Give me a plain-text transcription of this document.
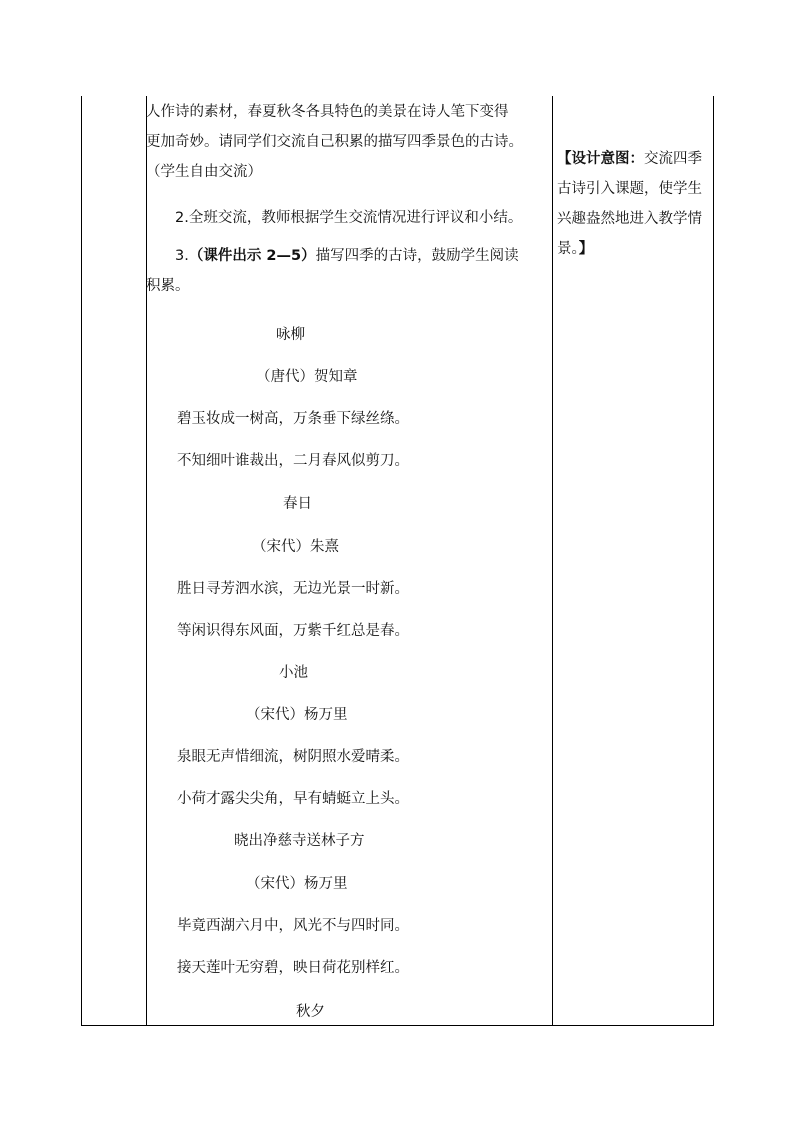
人作诗的素材，春夏秋冬各具特色的美景在诗人笔下变得
更加奇妙。请同学们交流自己积累的描写四季景色的古诗。
（学生自由交流）
2.全班交流，教师根据学生交流情况进行评议和小结。
3.（课件出示 2—5）描写四季的古诗，鼓励学生阅读
积累。
咏柳
（唐代）贺知章
碧玉妆成一树高，万条垂下绿丝绦。
不知细叶谁裁出，二月春风似剪刀。
春日
（宋代）朱熹
胜日寻芳泗水滨，无边光景一时新。
等闲识得东风面，万紫千红总是春。
小池
（宋代）杨万里
泉眼无声惜细流，树阴照水爱晴柔。
小荷才露尖尖角，早有蜻蜓立上头。
晓出净慈寺送林子方
（宋代）杨万里
毕竟西湖六月中，风光不与四时同。
接天莲叶无穷碧，映日荷花别样红。
秋夕
【设计意图：交流四季古诗引入课题，使学生兴趣盎然地进入教学情景。】
